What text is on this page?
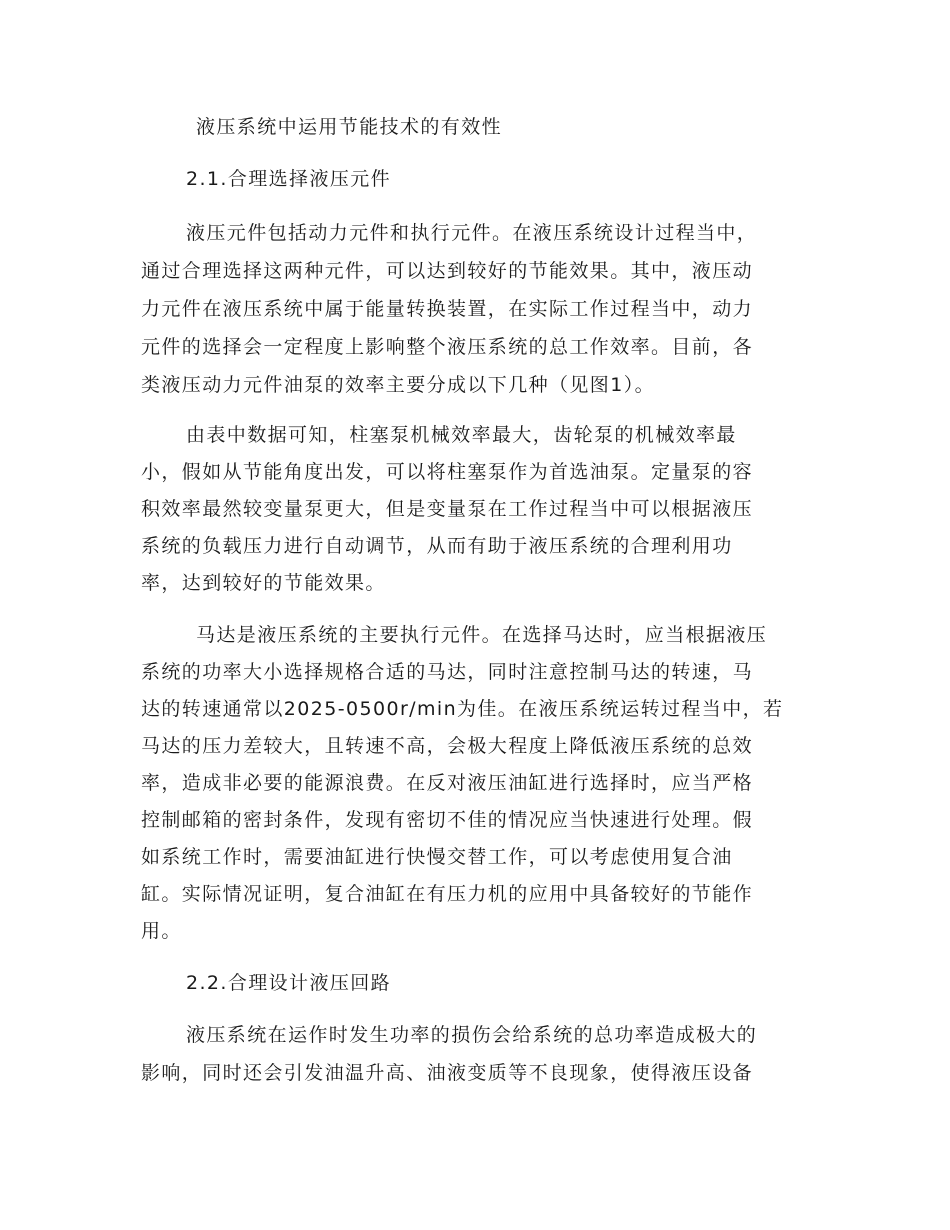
液压系统中运用节能技术的有效性
2.1.合理选择液压元件
液压元件包括动力元件和执行元件。在液压系统设计过程当中，
通过合理选择这两种元件，可以达到较好的节能效果。其中，液压动
力元件在液压系统中属于能量转换装置，在实际工作过程当中，动力
元件的选择会一定程度上影响整个液压系统的总工作效率。目前，各
类液压动力元件油泵的效率主要分成以下几种（见图1）。
由表中数据可知，柱塞泵机械效率最大，齿轮泵的机械效率最
小，假如从节能角度出发，可以将柱塞泵作为首选油泵。定量泵的容
积效率最然较变量泵更大，但是变量泵在工作过程当中可以根据液压
系统的负载压力进行自动调节，从而有助于液压系统的合理利用功
率，达到较好的节能效果。
马达是液压系统的主要执行元件。在选择马达时，应当根据液压
系统的功率大小选择规格合适的马达，同时注意控制马达的转速，马
达的转速通常以2025-0500r/min为佳。在液压系统运转过程当中，若
马达的压力差较大，且转速不高，会极大程度上降低液压系统的总效
率，造成非必要的能源浪费。在反对液压油缸进行选择时，应当严格
控制邮箱的密封条件，发现有密切不佳的情况应当快速进行处理。假
如系统工作时，需要油缸进行快慢交替工作，可以考虑使用复合油
缸。实际情况证明，复合油缸在有压力机的应用中具备较好的节能作
用。
2.2.合理设计液压回路
液压系统在运作时发生功率的损伤会给系统的总功率造成极大的
影响，同时还会引发油温升高、油液变质等不良现象，使得液压设备
